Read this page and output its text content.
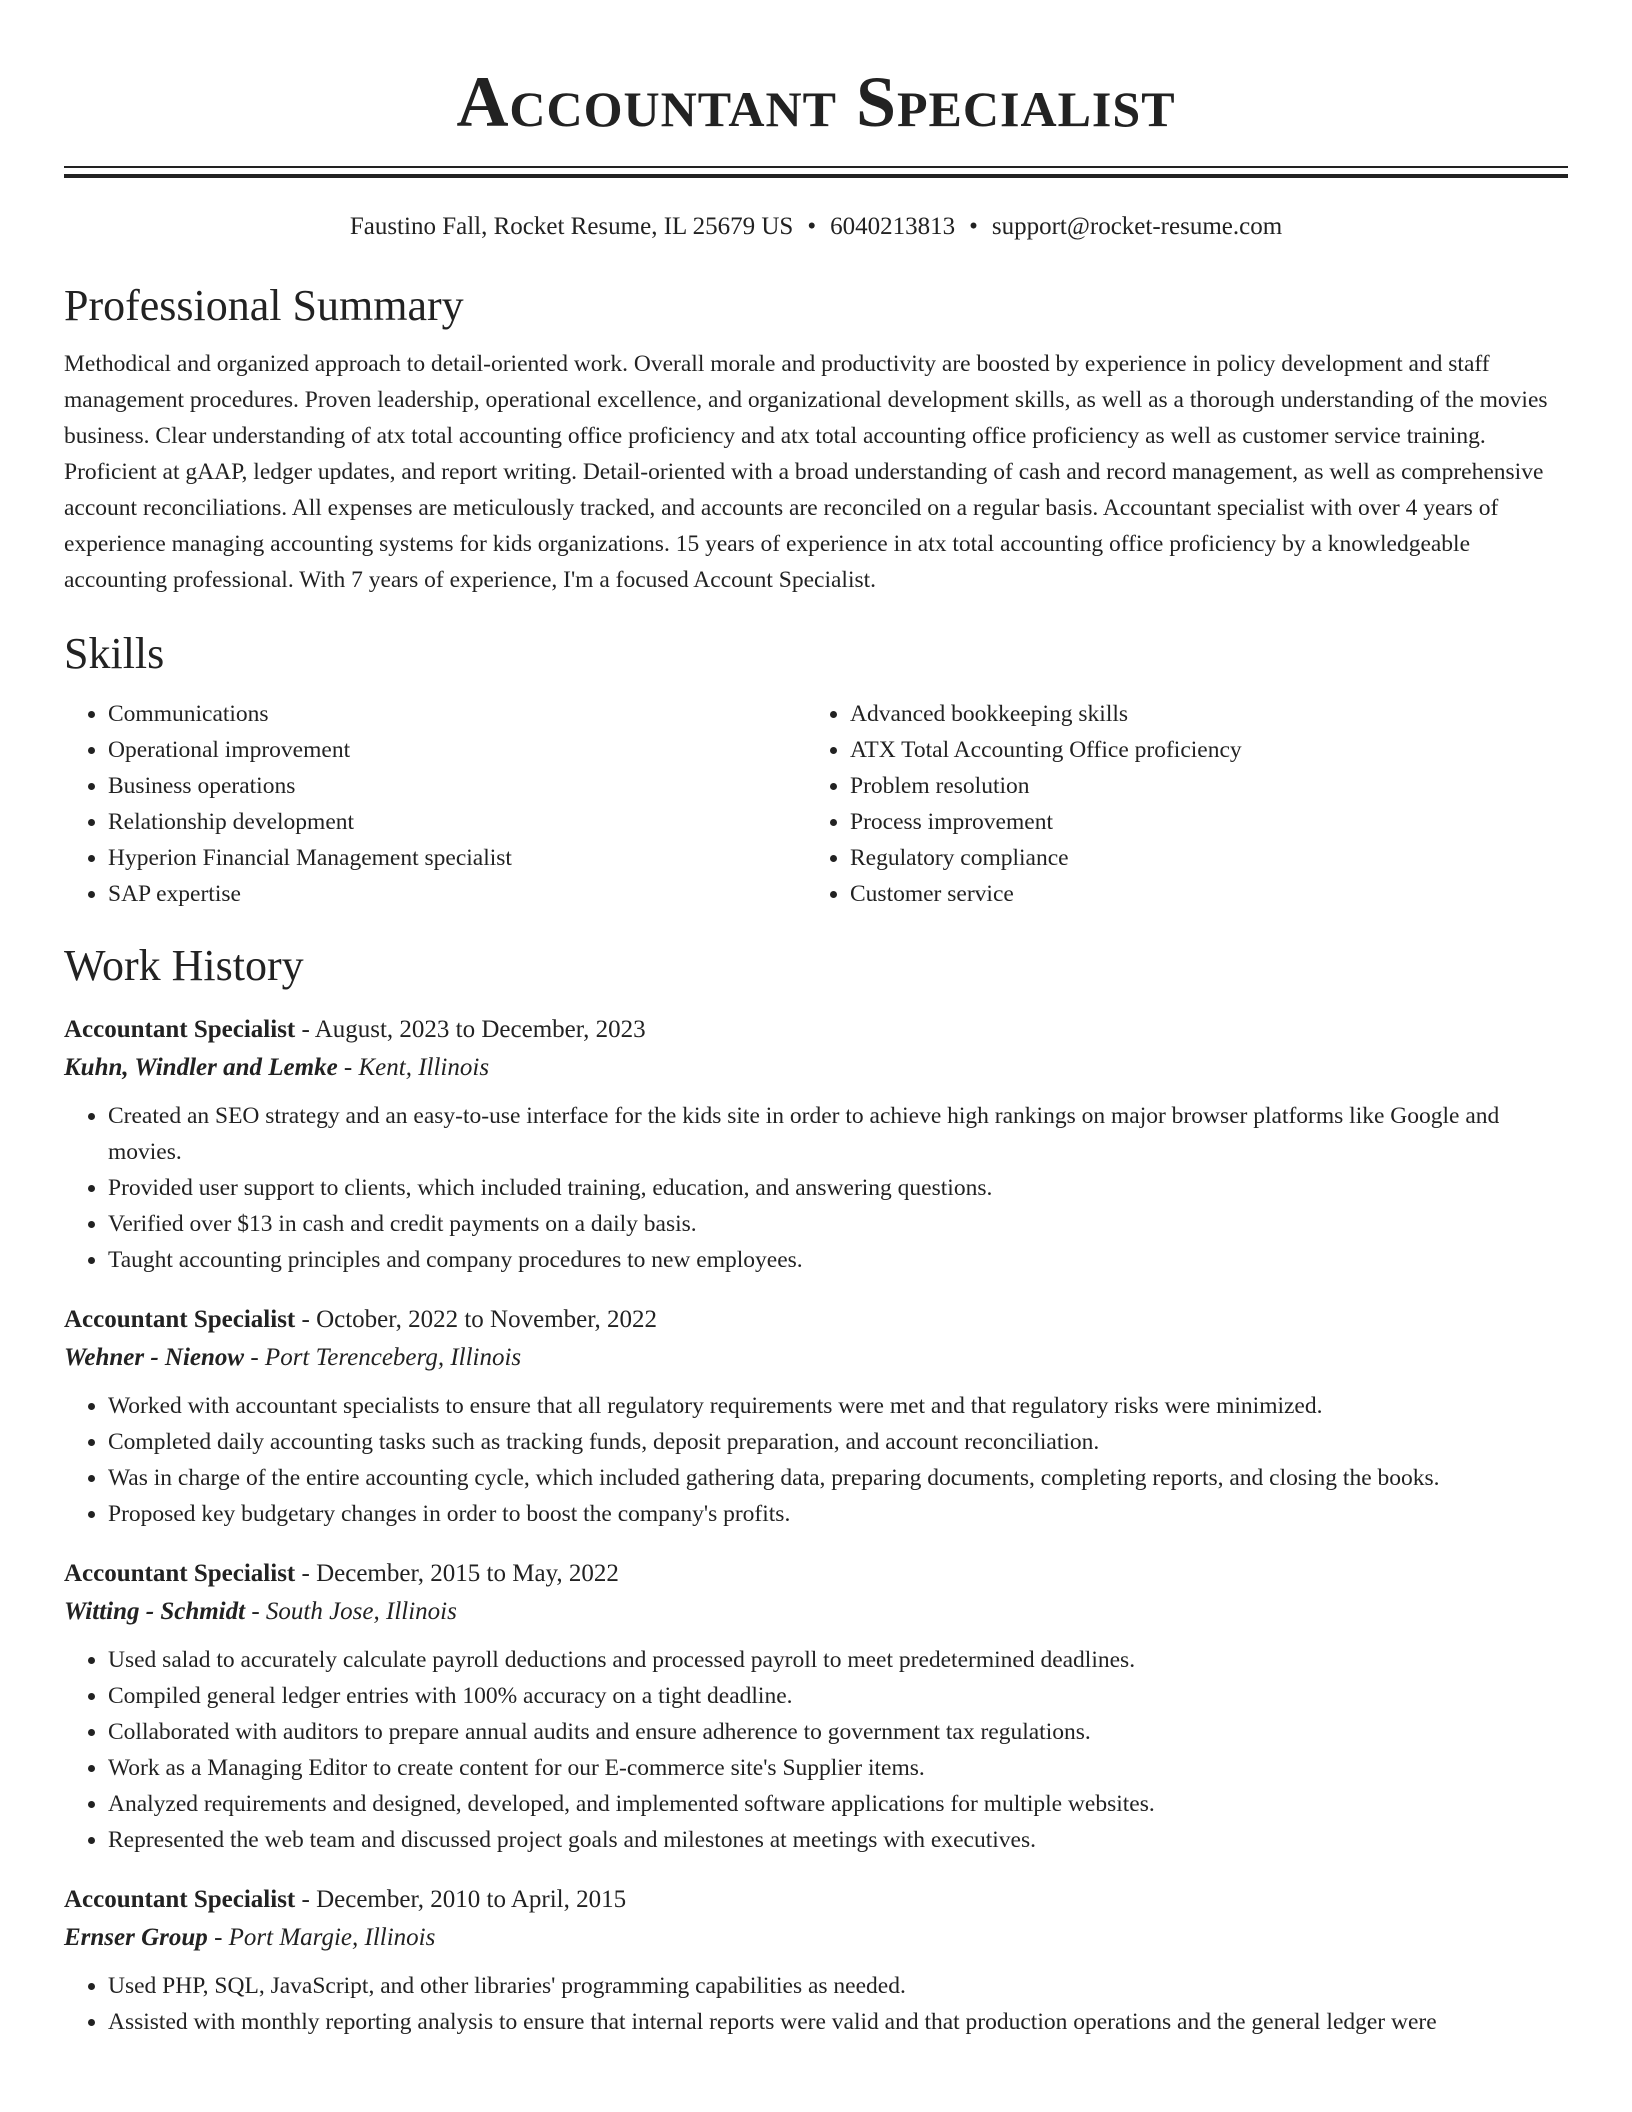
Accountant Specialist
Faustino Fall, Rocket Resume, IL 25679 US • 6040213813 • support@rocket-resume.com
Professional Summary

Methodical and organized approach to detail-oriented work. Overall morale and productivity are boosted by experience in policy development and staff management procedures. Proven leadership, operational excellence, and organizational development skills, as well as a thorough understanding of the movies business. Clear understanding of atx total accounting office proficiency and atx total accounting office proficiency as well as customer service training. Proficient at gAAP, ledger updates, and report writing. Detail-oriented with a broad understanding of cash and record management, as well as comprehensive account reconciliations. All expenses are meticulously tracked, and accounts are reconciled on a regular basis. Accountant specialist with over 4 years of experience managing accounting systems for kids organizations. 15 years of experience in atx total accounting office proficiency by a knowledgeable accounting professional. With 7 years of experience, I'm a focused Account Specialist.

Skills
• Communications
• Operational improvement
• Business operations
• Relationship development
• Hyperion Financial Management specialist
• SAP expertise
• Advanced bookkeeping skills
• ATX Total Accounting Office proficiency
• Problem resolution
• Process improvement
• Regulatory compliance
• Customer service
Work History
Accountant Specialist - August, 2023 to December, 2023
Kuhn, Windler and Lemke - Kent, Illinois
• Created an SEO strategy and an easy-to-use interface for the kids site in order to achieve high rankings on major browser platforms like Google and movies.
• Provided user support to clients, which included training, education, and answering questions.
• Verified over $13 in cash and credit payments on a daily basis.
• Taught accounting principles and company procedures to new employees.
Accountant Specialist - October, 2022 to November, 2022
Wehner - Nienow - Port Terenceberg, Illinois
• Worked with accountant specialists to ensure that all regulatory requirements were met and that regulatory risks were minimized.
• Completed daily accounting tasks such as tracking funds, deposit preparation, and account reconciliation.
• Was in charge of the entire accounting cycle, which included gathering data, preparing documents, completing reports, and closing the books.
• Proposed key budgetary changes in order to boost the company's profits.
Accountant Specialist - December, 2015 to May, 2022
Witting - Schmidt - South Jose, Illinois
• Used salad to accurately calculate payroll deductions and processed payroll to meet predetermined deadlines.
• Compiled general ledger entries with 100% accuracy on a tight deadline.
• Collaborated with auditors to prepare annual audits and ensure adherence to government tax regulations.
• Work as a Managing Editor to create content for our E-commerce site's Supplier items.
• Analyzed requirements and designed, developed, and implemented software applications for multiple websites.
• Represented the web team and discussed project goals and milestones at meetings with executives.
Accountant Specialist - December, 2010 to April, 2015
Ernser Group - Port Margie, Illinois
• Used PHP, SQL, JavaScript, and other libraries' programming capabilities as needed.
• Assisted with monthly reporting analysis to ensure that internal reports were valid and that production operations and the general ledger were
